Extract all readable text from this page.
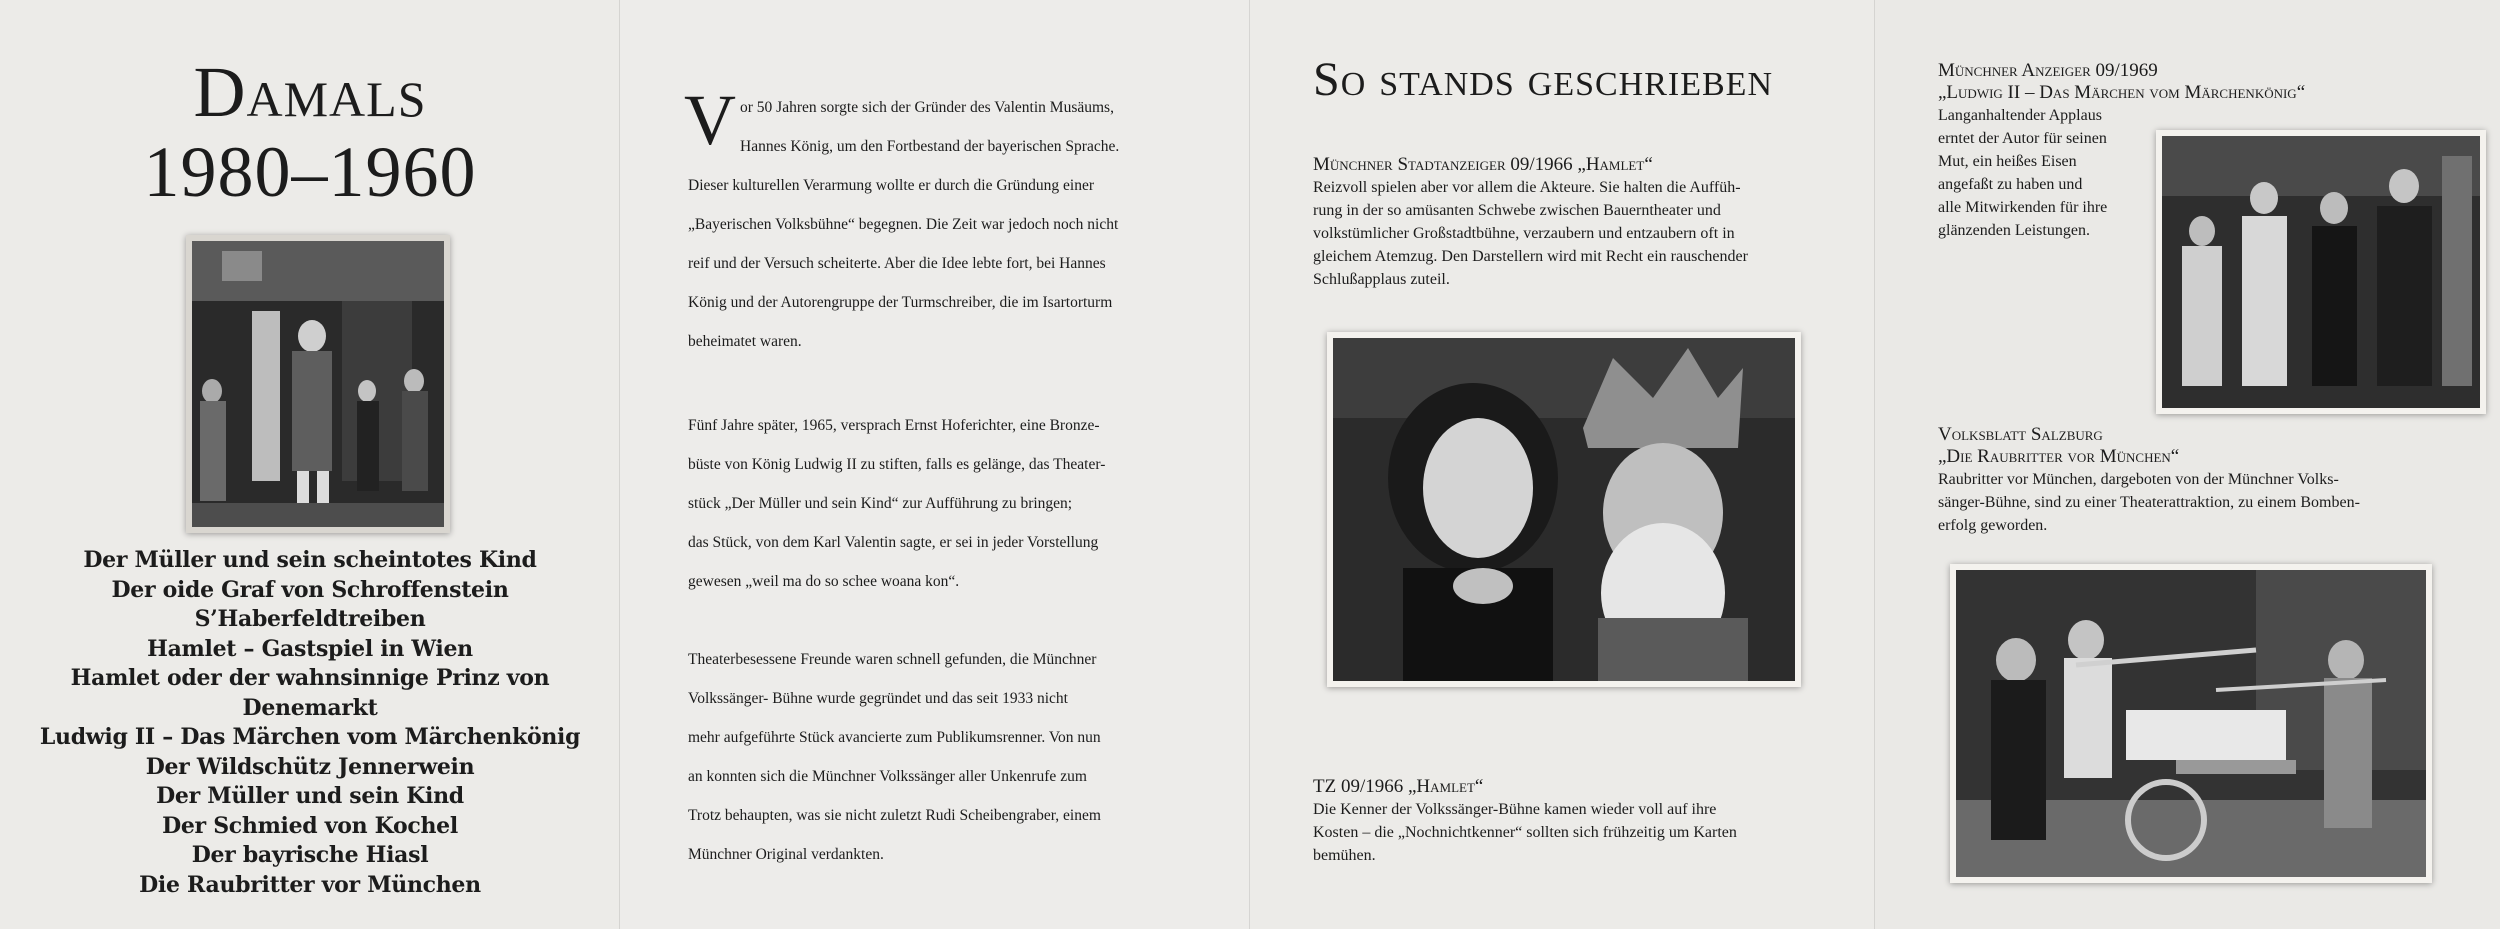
Damals
1980–1960
Der Müller und sein scheintotes Kind
Der oide Graf von Schroffenstein
S’Haberfeldtreiben
Hamlet – Gastspiel in Wien
Hamlet oder der wahnsinnige Prinz von Denemarkt
Ludwig II – Das Märchen vom Märchenkönig
Der Wildschütz Jennerwein
Der Müller und sein Kind
Der Schmied von Kochel
Der bayrische Hiasl
Die Raubritter vor München
V or 50 Jahren sorgte sich der Gründer des Valentin Musäums,
Hannes König, um den Fortbestand der bayerischen Sprache.
Dieser kulturellen Verarmung wollte er durch die Gründung einer
„Bayerischen Volksbühne“ begegnen. Die Zeit war jedoch noch nicht
reif und der Versuch scheiterte. Aber die Idee lebte fort, bei Hannes
König und der Autorengruppe der Turmschreiber, die im Isartorturm
beheimatet waren.
Fünf Jahre später, 1965, versprach Ernst Hoferichter, eine Bronze-
büste von König Ludwig II zu stiften, falls es gelänge, das Theater-
stück „Der Müller und sein Kind“ zur Aufführung zu bringen;
das Stück, von dem Karl Valentin sagte, er sei in jeder Vorstellung
gewesen „weil ma do so schee woana kon“.
Theaterbesessene Freunde waren schnell gefunden, die Münchner
Volkssänger- Bühne wurde gegründet und das seit 1933 nicht
mehr aufgeführte Stück avancierte zum Publikumsrenner. Von nun
an konnten sich die Münchner Volkssänger aller Unkenrufe zum
Trotz behaupten, was sie nicht zuletzt Rudi Scheibengraber, einem
Münchner Original verdankten.
So stands geschrieben
Münchner Stadtanzeiger 09/1966 „Hamlet“
Reizvoll spielen aber vor allem die Akteure. Sie halten die Auffüh-
rung in der so amüsanten Schwebe zwischen Bauerntheater und
volkstümlicher Großstadtbühne, verzaubern und entzaubern oft in
gleichem Atemzug. Den Darstellern wird mit Recht ein rauschender
Schlußapplaus zuteil.
TZ 09/1966 „Hamlet“
Die Kenner der Volkssänger-Bühne kamen wieder voll auf ihre
Kosten – die „Nochnichtkenner“ sollten sich frühzeitig um Karten
bemühen.
Münchner Anzeiger 09/1969
„Ludwig II – Das Märchen vom Märchenkönig“
Langanhaltender Applaus
erntet der Autor für seinen
Mut, ein heißes Eisen
angefaßt zu haben und
alle Mitwirkenden für ihre
glänzenden Leistungen.
Volksblatt Salzburg
„Die Raubritter vor München“
Raubritter vor München, dargeboten von der Münchner Volks-
sänger-Bühne, sind zu einer Theaterattraktion, zu einem Bomben-
erfolg geworden.
